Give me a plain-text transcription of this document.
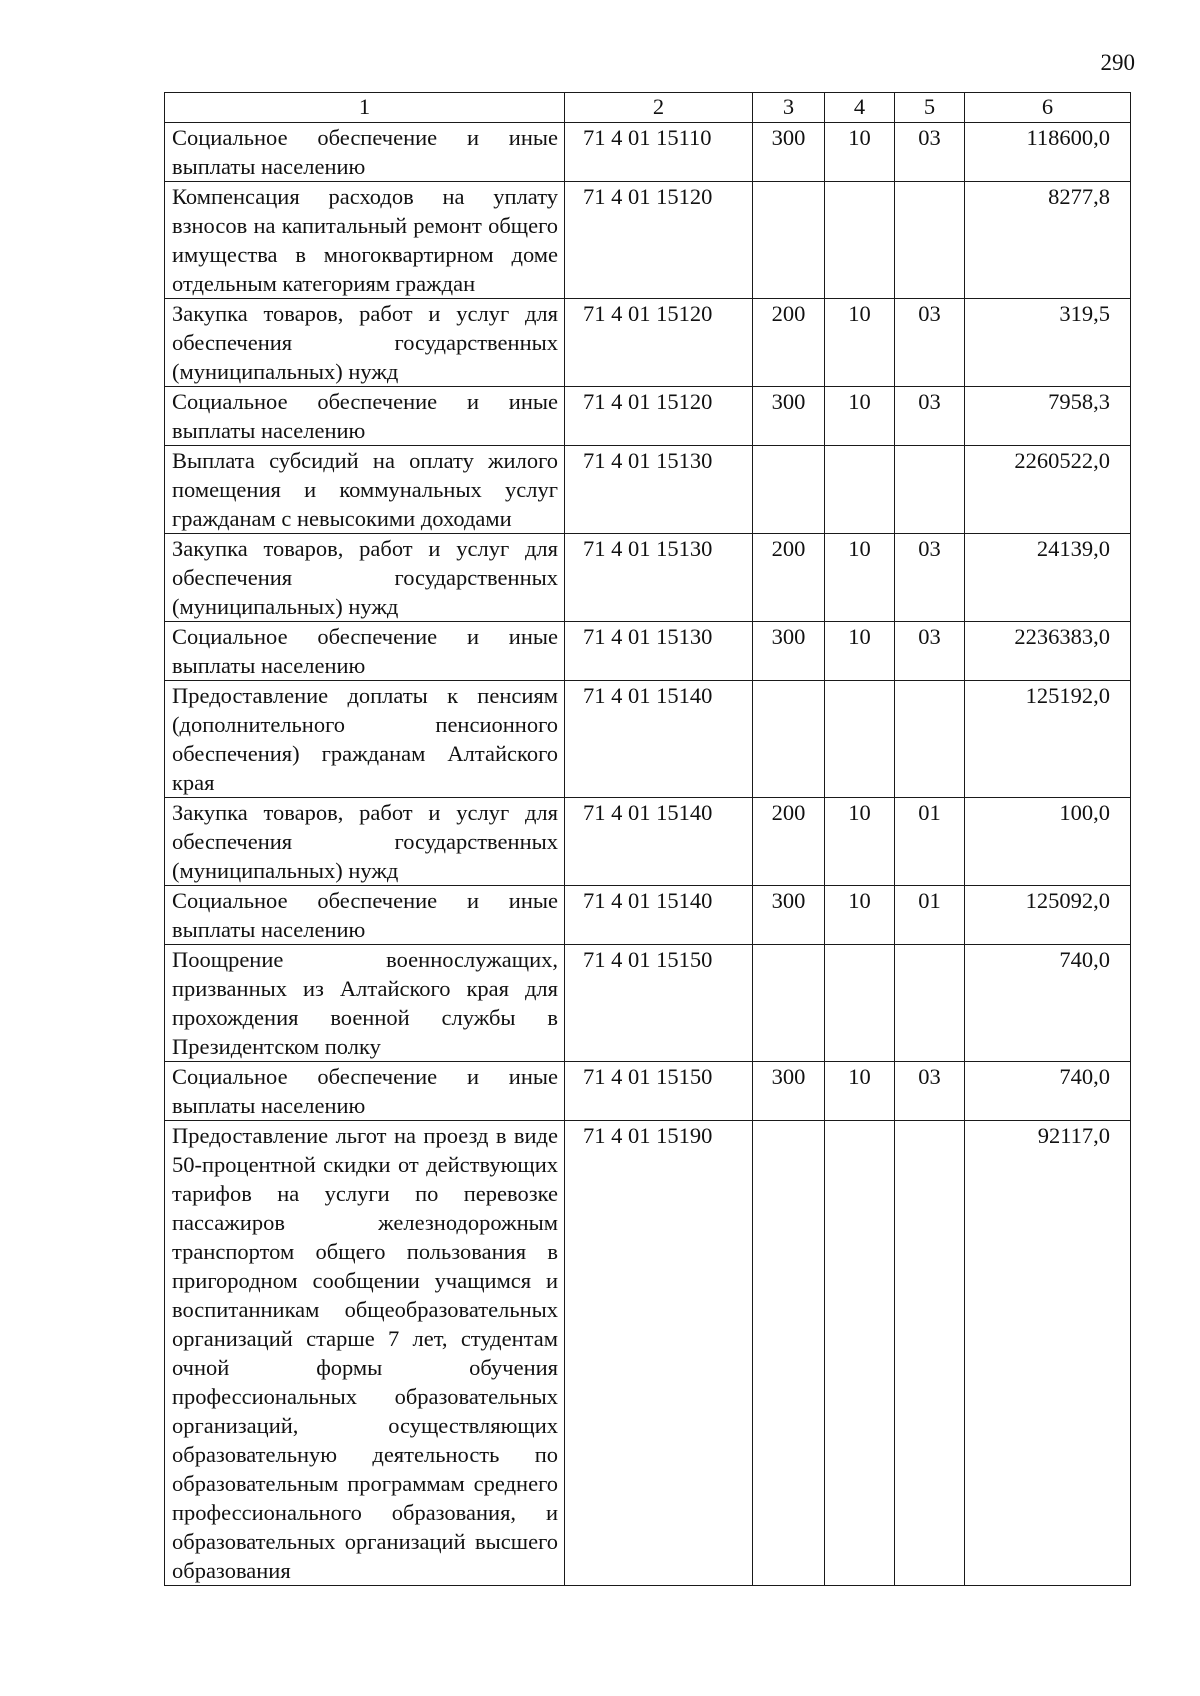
290
1	2	3	4	5	6
Социальное обеспечение и иные выплаты населению	71 4 01 15110	300	10	03	118600,0
Компенсация расходов на уплату взносов на капитальный ремонт общего имущества в многоквартирном доме отдельным категориям граждан	71 4 01 15120				8277,8
Закупка товаров, работ и услуг для обеспечения государственных (муниципальных) нужд	71 4 01 15120	200	10	03	319,5
Социальное обеспечение и иные выплаты населению	71 4 01 15120	300	10	03	7958,3
Выплата субсидий на оплату жилого помещения и коммунальных услуг гражданам с невысокими доходами	71 4 01 15130				2260522,0
Закупка товаров, работ и услуг для обеспечения государственных (муниципальных) нужд	71 4 01 15130	200	10	03	24139,0
Социальное обеспечение и иные выплаты населению	71 4 01 15130	300	10	03	2236383,0
Предоставление доплаты к пенсиям (дополнительного пенсионного обеспечения) гражданам Алтайского края	71 4 01 15140				125192,0
Закупка товаров, работ и услуг для обеспечения государственных (муниципальных) нужд	71 4 01 15140	200	10	01	100,0
Социальное обеспечение и иные выплаты населению	71 4 01 15140	300	10	01	125092,0
Поощрение военнослужащих, призванных из Алтайского края для прохождения военной службы в Президентском полку	71 4 01 15150				740,0
Социальное обеспечение и иные выплаты населению	71 4 01 15150	300	10	03	740,0
Предоставление льгот на проезд в виде 50-процентной скидки от действующих тарифов на услуги по перевозке пассажиров железнодорожным транспортом общего пользования в пригородном сообщении учащимся и воспитанникам общеобразовательных организаций старше 7 лет, студентам очной формы обучения профессиональных образовательных организаций, осуществляющих образовательную деятельность по образовательным программам среднего профессионального образования, и образовательных организаций высшего образования	71 4 01 15190				92117,0
